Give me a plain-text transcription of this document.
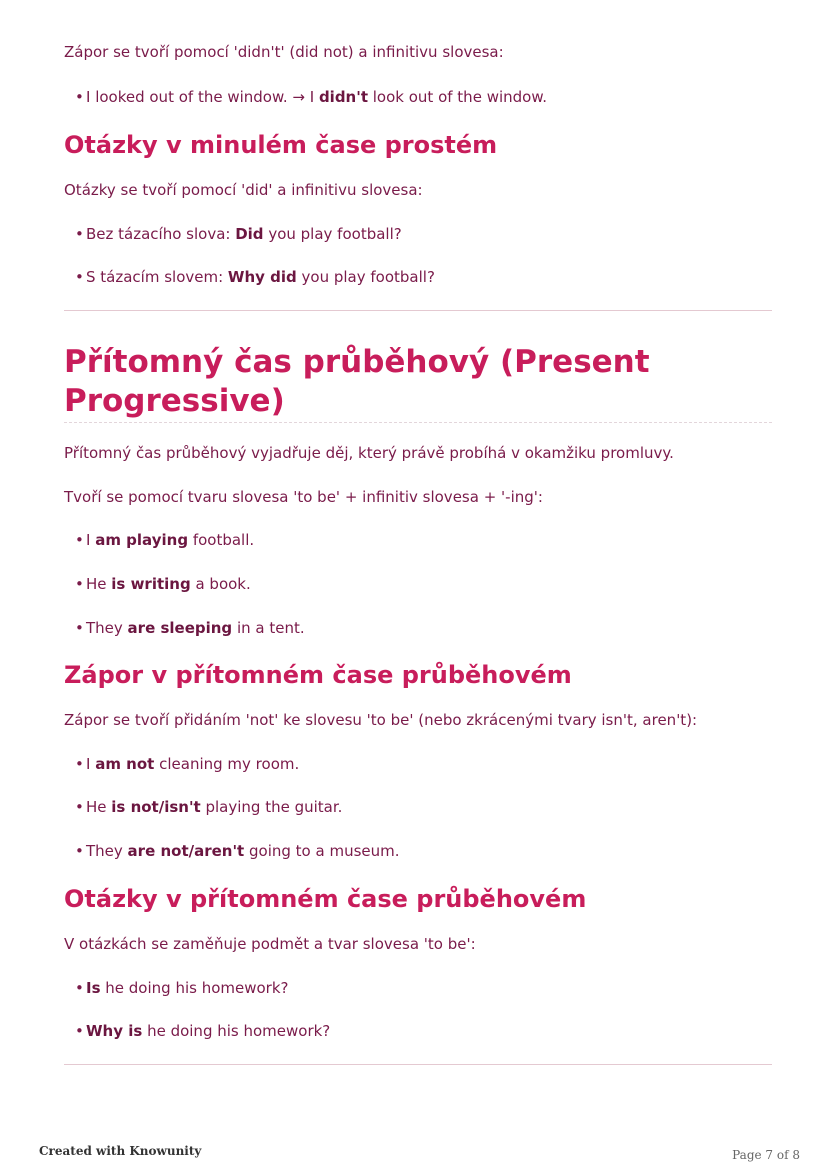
Zápor se tvoří pomocí 'didn't' (did not) a infinitivu slovesa:

• I looked out of the window. → I didn't look out of the window.
Otázky v minulém čase prostém

Otázky se tvoří pomocí 'did' a infinitivu slovesa:

• Bez tázacího slova: Did you play football?
• S tázacím slovem: Why did you play football?
Přítomný čas průběhový (Present Progressive)

Přítomný čas průběhový vyjadřuje děj, který právě probíhá v okamžiku promluvy.

Tvoří se pomocí tvaru slovesa 'to be' + infinitiv slovesa + '-ing':

• I am playing football.
• He is writing a book.
• They are sleeping in a tent.
Zápor v přítomném čase průběhovém

Zápor se tvoří přidáním 'not' ke slovesu 'to be' (nebo zkrácenými tvary isn't, aren't):

• I am not cleaning my room.
• He is not/isn't playing the guitar.
• They are not/aren't going to a museum.
Otázky v přítomném čase průběhovém

V otázkách se zaměňuje podmět a tvar slovesa 'to be':

• Is he doing his homework?
• Why is he doing his homework?
Created with Knowunity	Page 7 of 8
